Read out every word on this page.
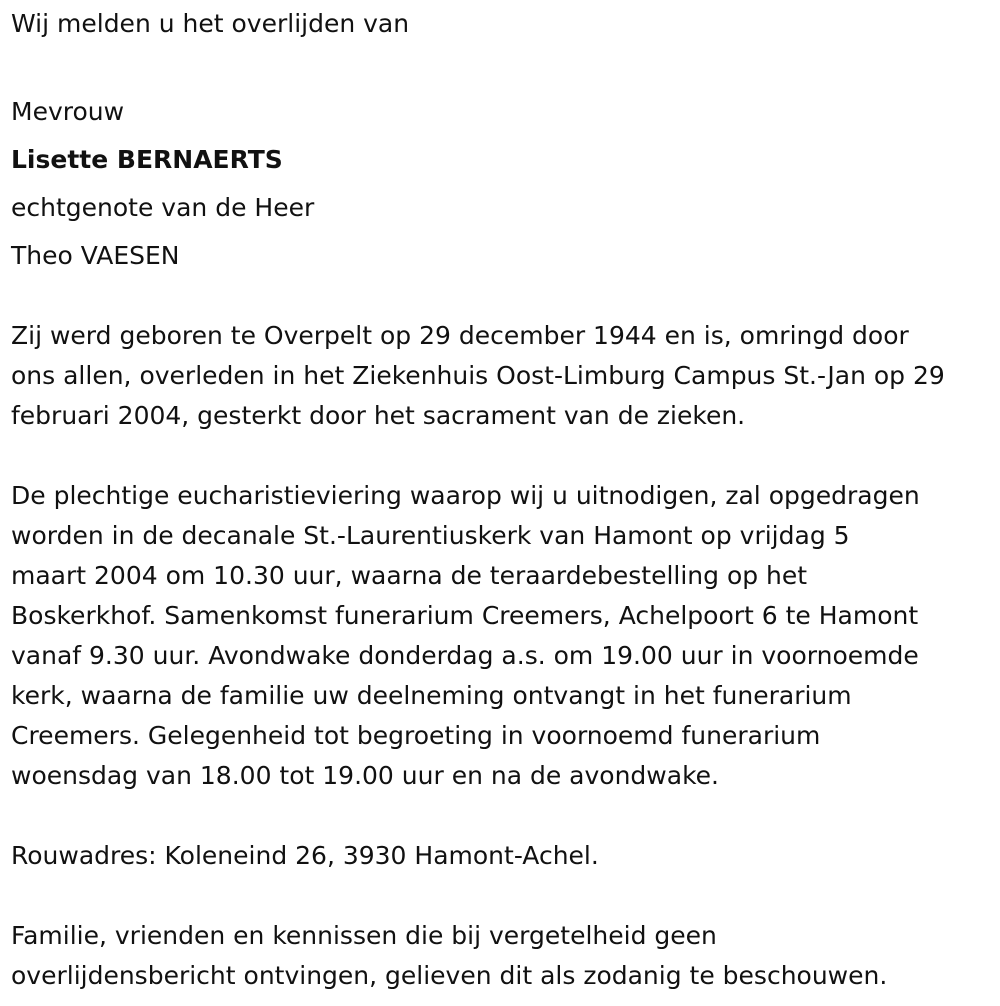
Wij melden u het overlijden van
Mevrouw
Lisette BERNAERTS
echtgenote van de Heer
Theo VAESEN
Zij werd geboren te Overpelt op 29 december 1944 en is, omringd door
ons allen, overleden in het Ziekenhuis Oost-Limburg Campus St.-Jan op 29
februari 2004, gesterkt door het sacrament van de zieken.
De plechtige eucharistieviering waarop wij u uitnodigen, zal opgedragen
worden in de decanale St.-Laurentiuskerk van Hamont op vrijdag 5
maart 2004 om 10.30 uur, waarna de teraardebestelling op het
Boskerkhof. Samenkomst funerarium Creemers, Achelpoort 6 te Hamont
vanaf 9.30 uur. Avondwake donderdag a.s. om 19.00 uur in voornoemde
kerk, waarna de familie uw deelneming ontvangt in het funerarium
Creemers. Gelegenheid tot begroeting in voornoemd funerarium
woensdag van 18.00 tot 19.00 uur en na de avondwake.
Rouwadres: Koleneind 26, 3930 Hamont-Achel.
Familie, vrienden en kennissen die bij vergetelheid geen
overlijdensbericht ontvingen, gelieven dit als zodanig te beschouwen.
